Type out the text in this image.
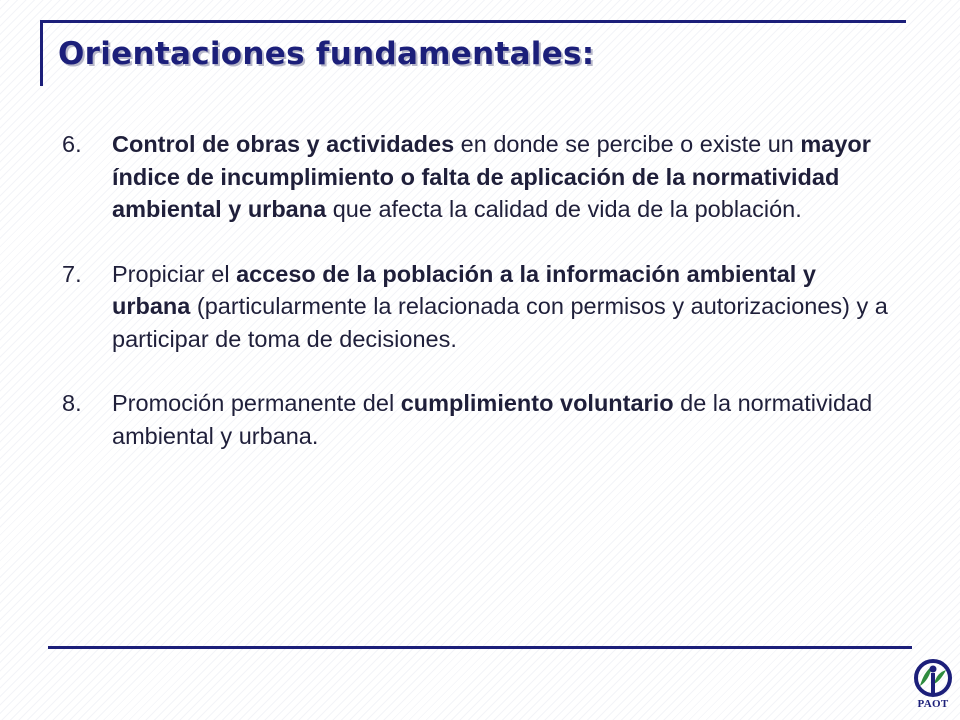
Orientaciones fundamentales:
6. Control de obras y actividades en donde se percibe o existe un mayor índice de incumplimiento o falta de aplicación de la normatividad ambiental y urbana que afecta la calidad de vida de la población.
7. Propiciar el acceso de la población a la información ambiental y urbana (particularmente la relacionada con permisos y autorizaciones) y a participar de toma de decisiones.
8. Promoción permanente del cumplimiento voluntario de la normatividad ambiental y urbana.
PAOT
